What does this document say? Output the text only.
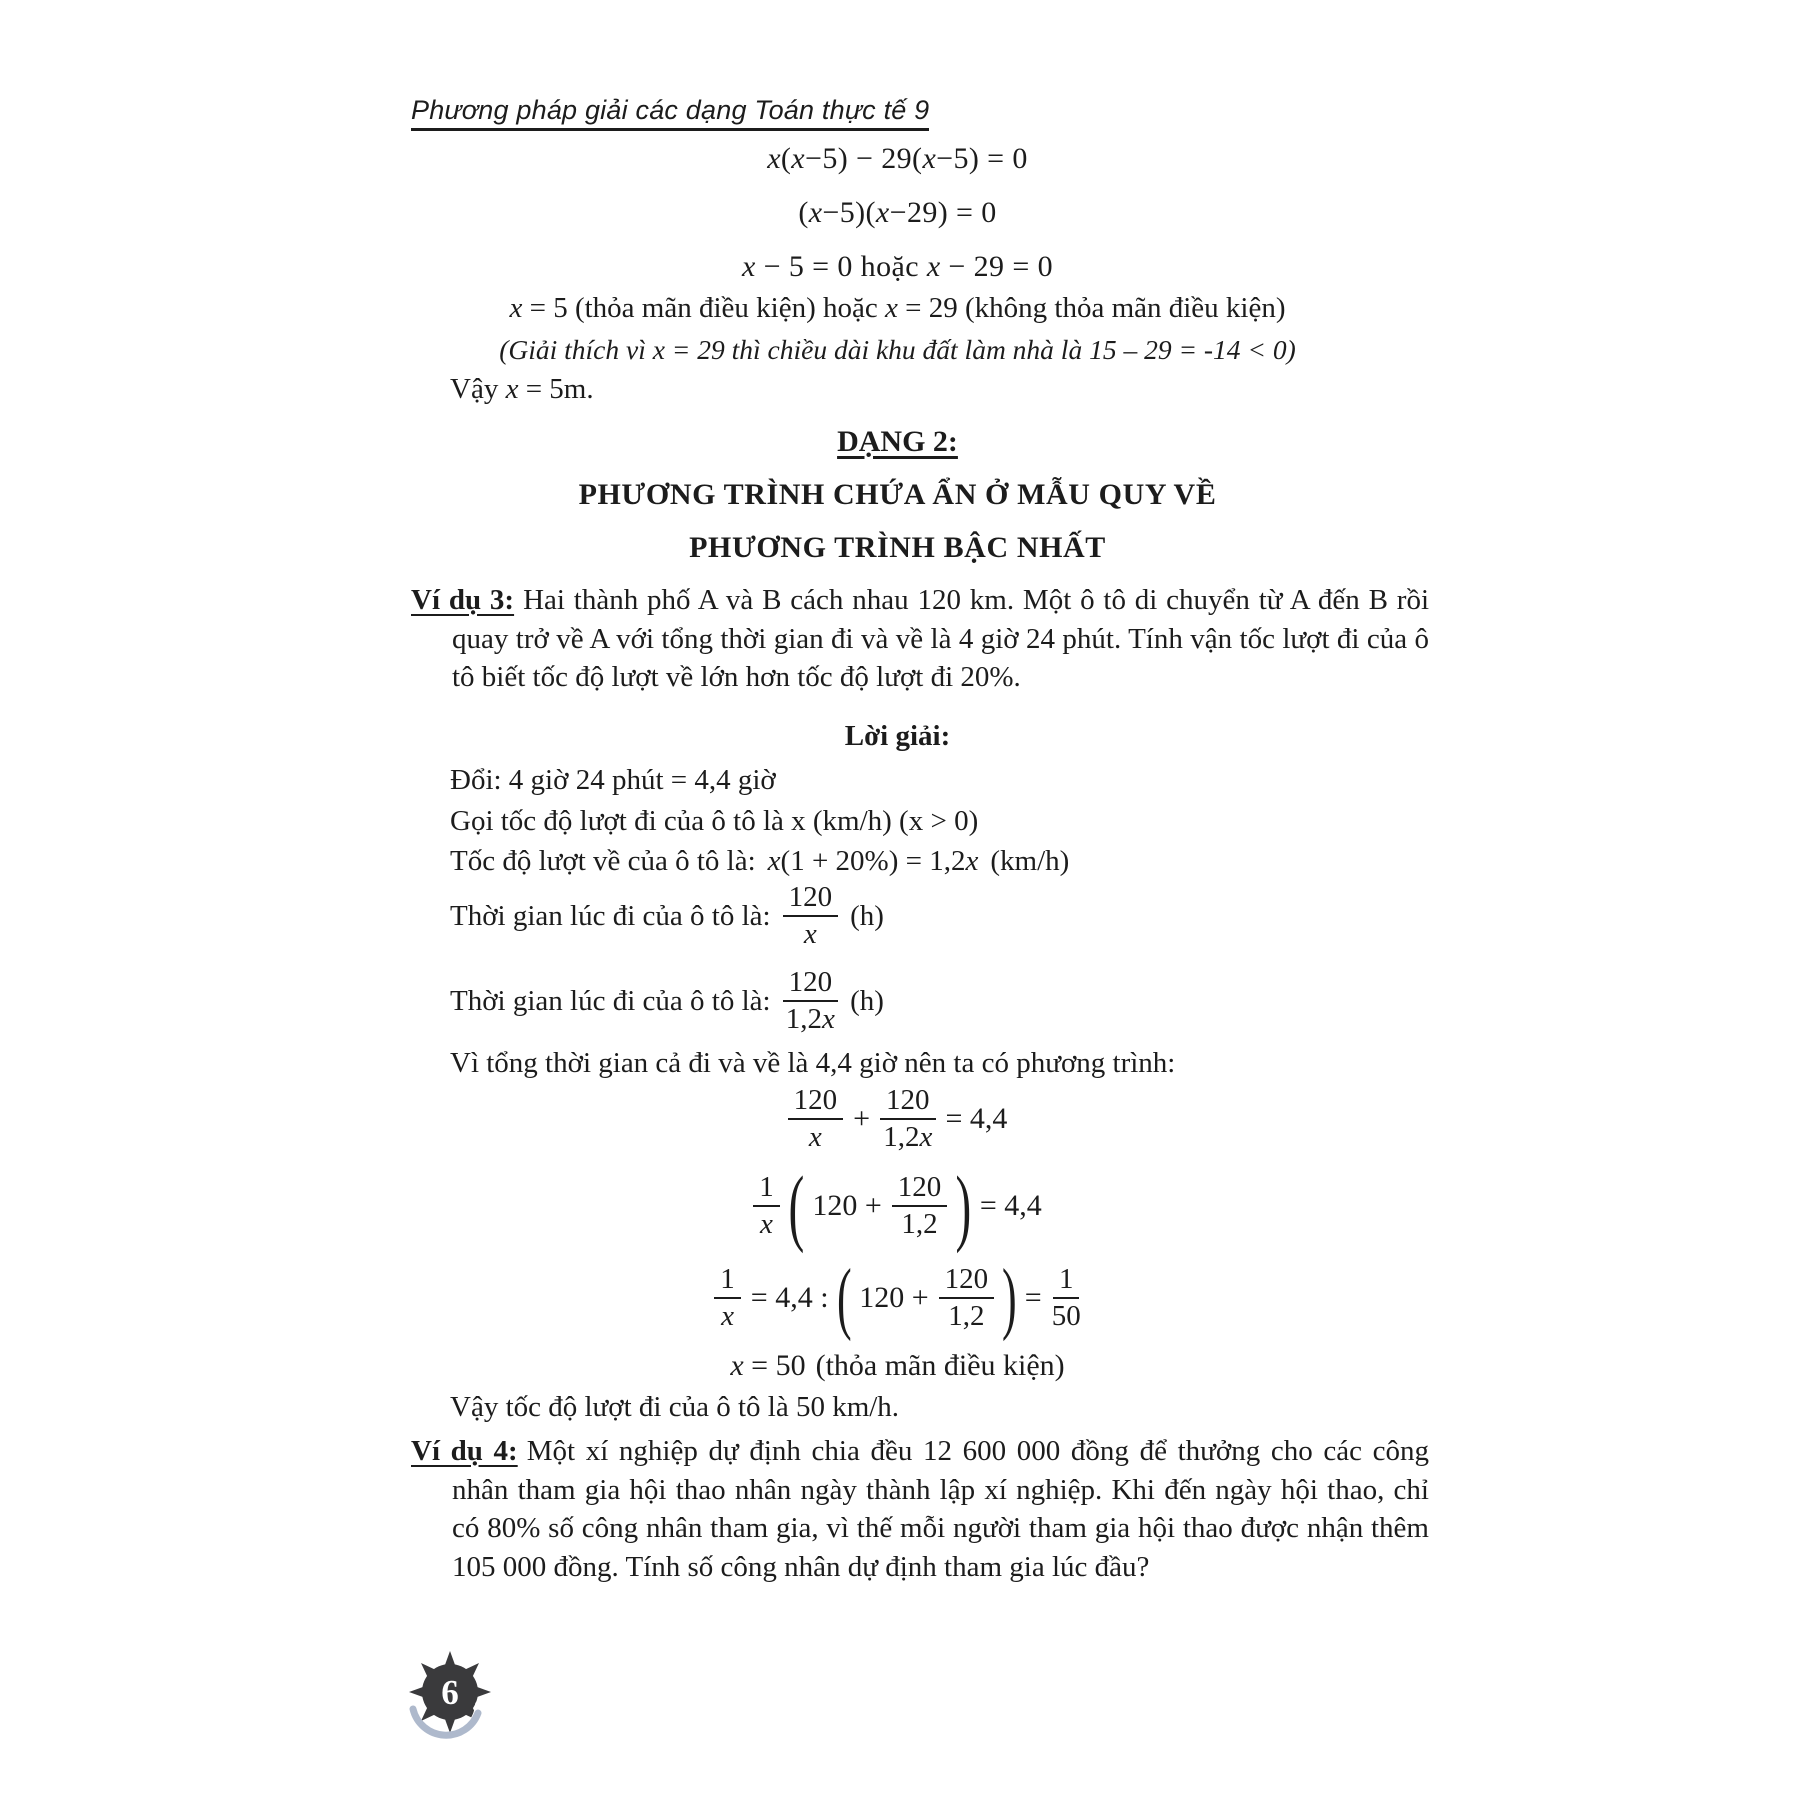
Phương pháp giải các dạng Toán thực tế 9
x(x−5) − 29(x−5) = 0
(x−5)(x−29) = 0
x − 5 = 0 hoặc x − 29 = 0
x = 5 (thỏa mãn điều kiện) hoặc x = 29 (không thỏa mãn điều kiện)
(Giải thích vì x = 29 thì chiều dài khu đất làm nhà là 15 – 29 = -14 < 0)
Vậy x = 5m.
DẠNG 2:
PHƯƠNG TRÌNH CHỨA ẨN Ở MẪU QUY VỀ
PHƯƠNG TRÌNH BẬC NHẤT

Ví dụ 3: Hai thành phố A và B cách nhau 120 km. Một ô tô di chuyển từ A đến B rồi quay trở về A với tổng thời gian đi và về là 4 giờ 24 phút. Tính vận tốc lượt đi của ô tô biết tốc độ lượt về lớn hơn tốc độ lượt đi 20%.

Lời giải:
Đổi: 4 giờ 24 phút = 4,4 giờ
Gọi tốc độ lượt đi của ô tô là x (km/h) (x > 0)
Tốc độ lượt về của ô tô là: x(1 + 20%) = 1,2x (km/h)
Thời gian lúc đi của ô tô là: $\frac{120}{x} (h)$
Thời gian lúc đi của ô tô là: $\frac{120}{1,2x} (h)$
Vì tổng thời gian cả đi và về là 4,4 giờ nên ta có phương trình:
$\frac{120}{x} + \frac{120}{1,2x} = 4,4$
$\frac{1}{x}$ ( $120 + \frac{120}{1,2}$ ) = 4,4
$\frac{1}{x} = 4,4$ : ( $120 + \frac{120}{1,2}$ ) = $\frac{1}{50}$
x = 50 (thỏa mãn điều kiện)
Vậy tốc độ lượt đi của ô tô là 50 km/h.

Ví dụ 4: Một xí nghiệp dự định chia đều 12 600 000 đồng để thưởng cho các công nhân tham gia hội thao nhân ngày thành lập xí nghiệp. Khi đến ngày hội thao, chỉ có 80% số công nhân tham gia, vì thế mỗi người tham gia hội thao được nhận thêm 105 000 đồng. Tính số công nhân dự định tham gia lúc đầu?

6
